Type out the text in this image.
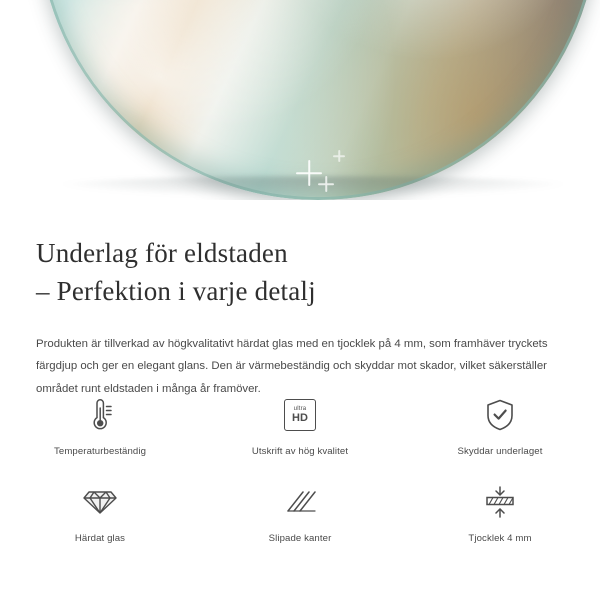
Underlag för eldstaden
– Perfektion i varje detalj

Produkten är tillverkad av högkvalitativt härdat glas med en tjocklek på 4 mm, som framhäver tryckets färgdjup och ger en elegant glans. Den är värmebeständig och skyddar mot skador, vilket säkerställer området runt eldstaden i många år framöver.

Temperaturbeständig
ultra
HD
Utskrift av hög kvalitet	Skyddar underlaget
Härdat glas	Slipade kanter	Tjocklek 4 mm
